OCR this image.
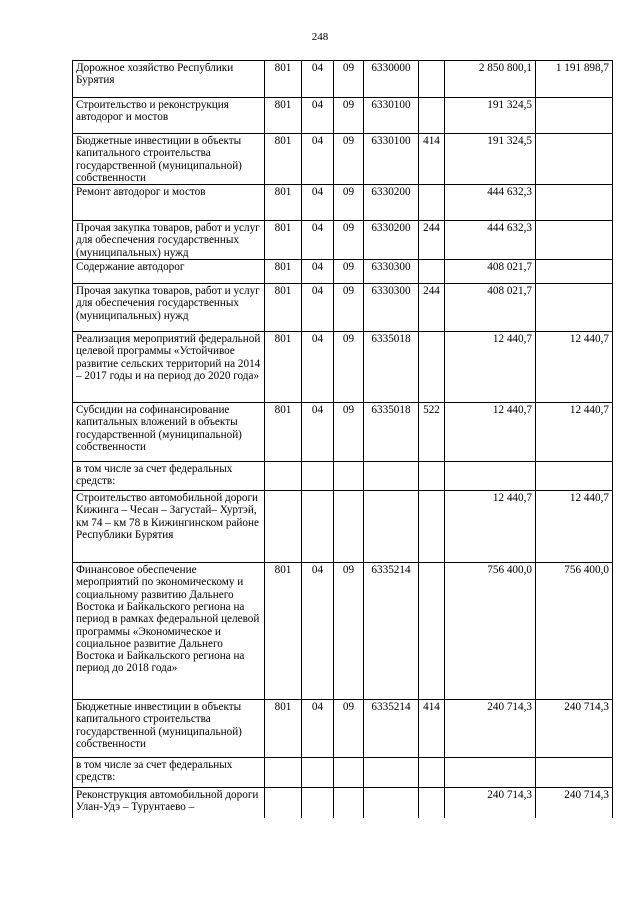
248
Дорожное хозяйство Республики Бурятия	801	04	09	6330000		2 850 800,1	1 191 898,7
Строительство и реконструкция автодорог и мостов	801	04	09	6330100		191 324,5	
Бюджетные инвестиции в объекты капитального строительства государственной (муниципальной) собственности	801	04	09	6330100	414	191 324,5	
Ремонт автодорог и мостов	801	04	09	6330200		444 632,3	
Прочая закупка товаров, работ и услуг для обеспечения государственных (муниципальных) нужд	801	04	09	6330200	244	444 632,3	
Содержание автодорог	801	04	09	6330300		408 021,7	
Прочая закупка товаров, работ и услуг для обеспечения государственных (муниципальных) нужд	801	04	09	6330300	244	408 021,7	
Реализация мероприятий федеральной целевой программы «Устойчивое развитие сельских территорий на 2014 – 2017 годы и на период до 2020 года»	801	04	09	6335018		12 440,7	12 440,7
Субсидии на софинансирование капитальных вложений в объекты государственной (муниципальной) собственности	801	04	09	6335018	522	12 440,7	12 440,7
в том числе за счет федеральных средств:							
Строительство автомобильной дороги Кижинга – Чесан – Загустай– Хуртэй, км 74 – км 78 в Кижингинском районе Республики Бурятия						12 440,7	12 440,7
Финансовое обеспечение мероприятий по экономическому и социальному развитию Дальнего Востока и Байкальского региона на период в рамках федеральной целевой программы «Экономическое и социальное развитие Дальнего Востока и Байкальского региона на период до 2018 года»	801	04	09	6335214		756 400,0	756 400,0
Бюджетные инвестиции в объекты капитального строительства государственной (муниципальной) собственности	801	04	09	6335214	414	240 714,3	240 714,3
в том числе за счет федеральных средств:							
Реконструкция автомобильной дороги Улан-Удэ – Турунтаево –						240 714,3	240 714,3
